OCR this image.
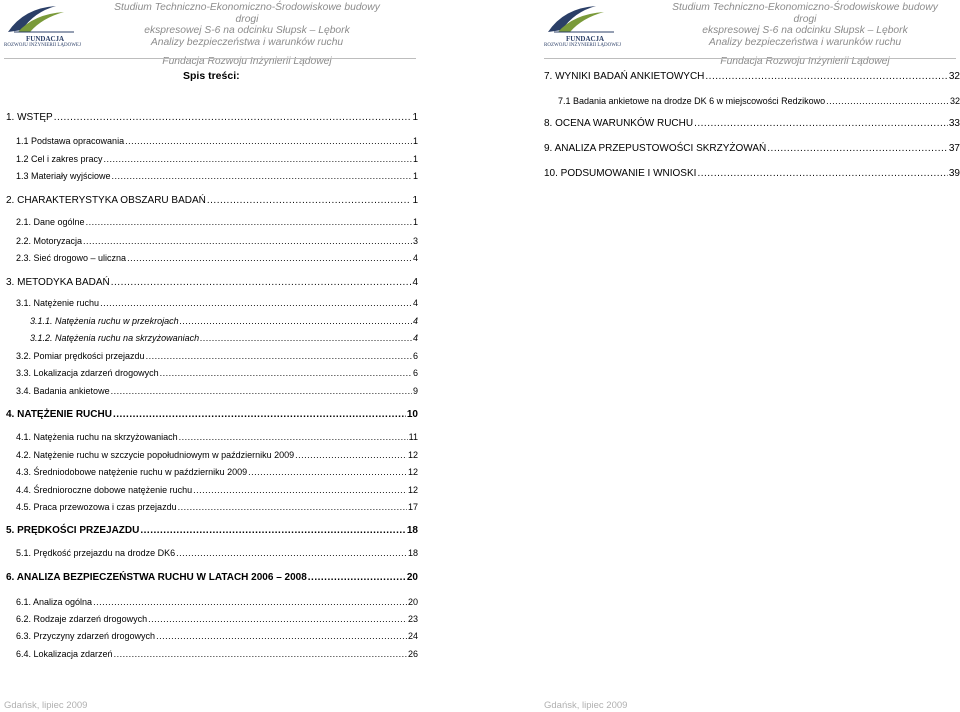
FUNDACJA
ROZWOJU INŻYNIERII LĄDOWEJ
Studium Techniczno-Ekonomiczno-Środowiskowe budowy drogi
ekspresowej S-6 na odcinku Słupsk – Lębork
Analizy bezpieczeństwa i warunków ruchu
Fundacja Rozwoju Inżynierii Lądowej
Spis treści:
1. WSTĘP .....	1
1.1 Podstawa opracowania .....	1
1.2 Cel i zakres pracy .....	1
1.3 Materiały wyjściowe .....	1
2. CHARAKTERYSTYKA OBSZARU BADAŃ .....	1
2.1. Dane ogólne .....	1
2.2. Motoryzacja .....	3
2.3. Sieć drogowo – uliczna .....	4
3. METODYKA BADAŃ .....	4
3.1. Natężenie ruchu .....	4
3.1.1. Natężenia ruchu w przekrojach .....	4
3.1.2. Natężenia ruchu na skrzyżowaniach .....	4
3.2. Pomiar prędkości przejazdu .....	6
3.3. Lokalizacja zdarzeń drogowych .....	6
3.4. Badania ankietowe .....	9
4. NATĘŻENIE RUCHU .....	10
4.1. Natężenia ruchu na skrzyżowaniach .....	11
4.2. Natężenie ruchu w szczycie popołudniowym w październiku 2009 .....	12
4.3. Średniodobowe natężenie ruchu w październiku 2009 .....	12
4.4. Średnioroczne dobowe natężenie ruchu .....	12
4.5. Praca przewozowa i czas przejazdu .....	17
5. PRĘDKOŚCI PRZEJAZDU .....	18
5.1. Prędkość przejazdu na drodze DK6 .....	18
6. ANALIZA BEZPIECZEŃSTWA RUCHU W LATACH 2006 – 2008 .....	20
6.1. Analiza ogólna .....	20
6.2. Rodzaje zdarzeń drogowych .....	23
6.3. Przyczyny zdarzeń drogowych .....	24
6.4. Lokalizacja zdarzeń .....	26
Gdańsk, lipiec 2009
FUNDACJA
ROZWOJU INŻYNIERII LĄDOWEJ
Studium Techniczno-Ekonomiczno-Środowiskowe budowy drogi
ekspresowej S-6 na odcinku Słupsk – Lębork
Analizy bezpieczeństwa i warunków ruchu
Fundacja Rozwoju Inżynierii Lądowej
7. WYNIKI BADAŃ ANKIETOWYCH .....	32
7.1 Badania ankietowe na drodze DK 6 w miejscowości Redzikowo .....	32
8. OCENA WARUNKÓW RUCHU .....	33
9. ANALIZA PRZEPUSTOWOŚCI SKRZYŻOWAŃ .....	37
10. PODSUMOWANIE I WNIOSKI .....	39
Gdańsk, lipiec 2009
